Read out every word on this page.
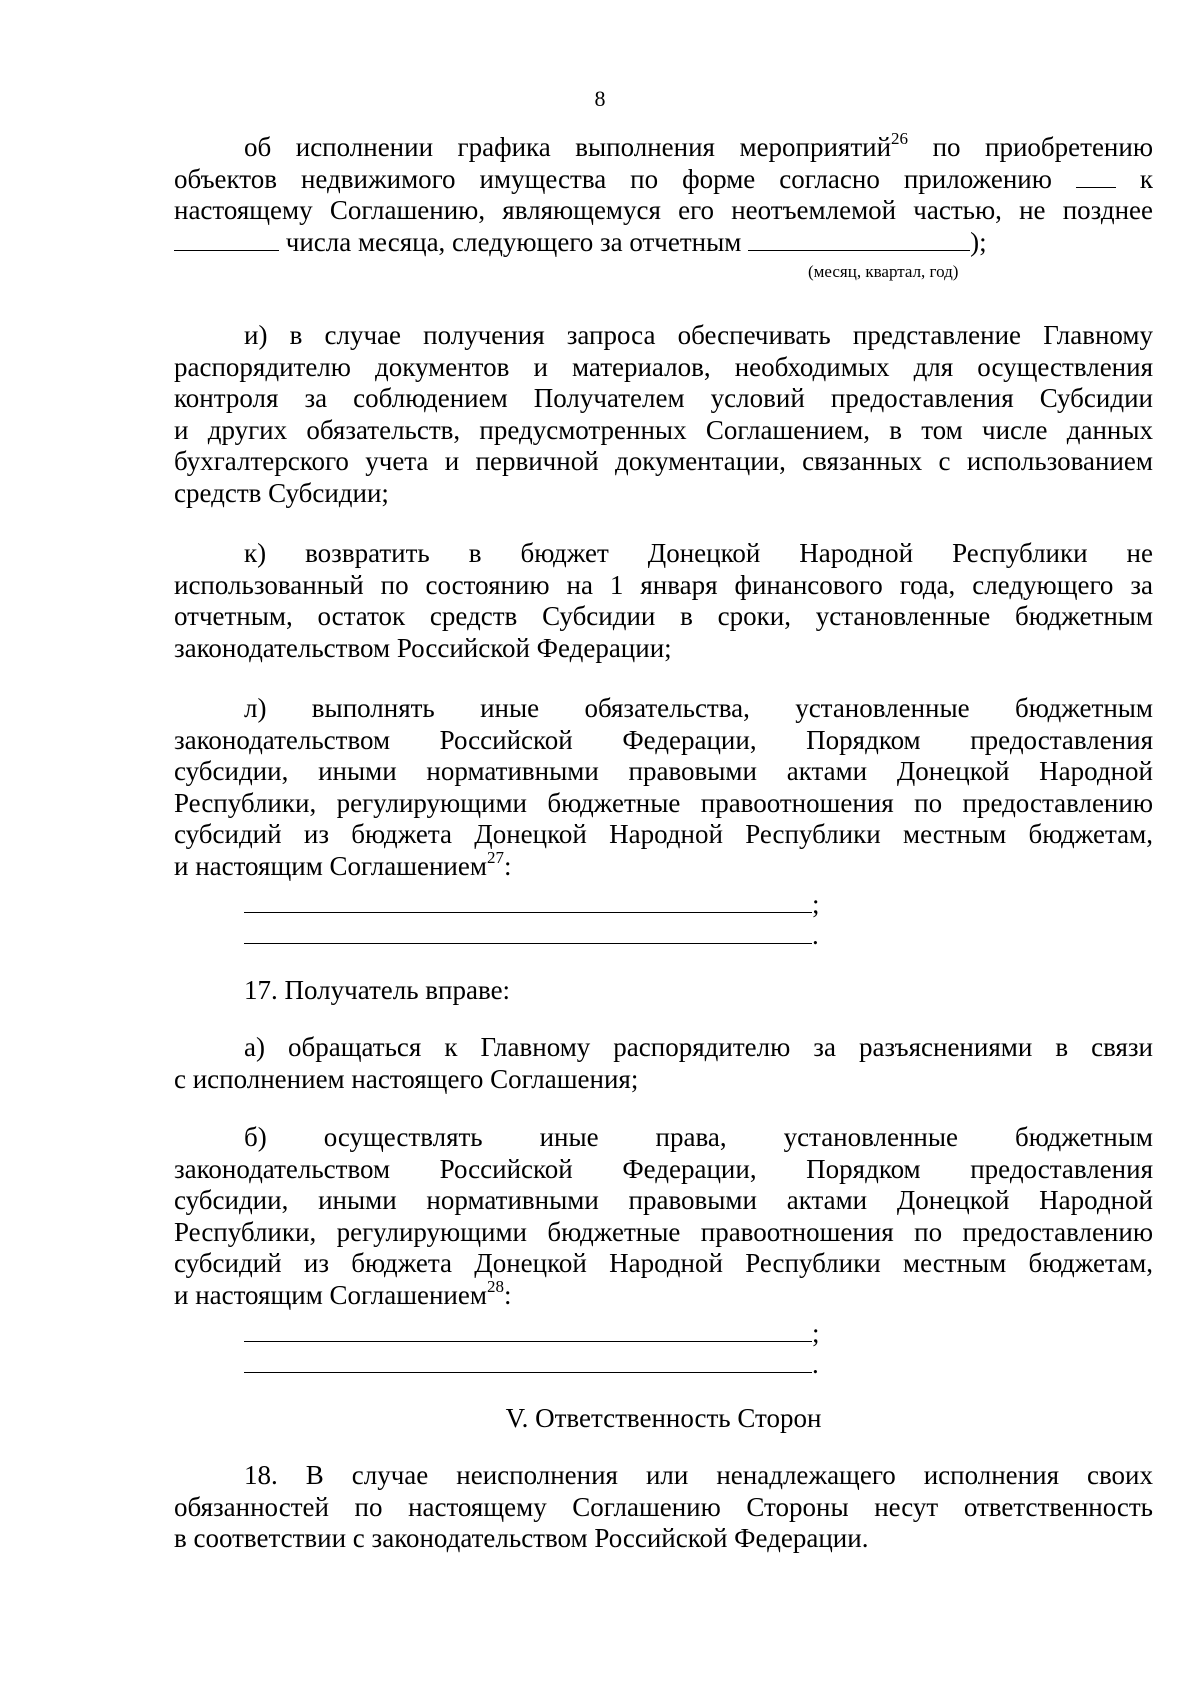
8
об исполнении графика выполнения мероприятий$^{26}$ по приобретению
объектов недвижимого имущества по форме согласно приложению	к
настоящему Соглашению, являющемуся его неотъемлемой частью, не позднее
числа месяца, следующего за отчетным	);
(месяц, квартал, год)
и) в случае получения запроса обеспечивать представление Главному
распорядителю документов и материалов, необходимых для осуществления
контроля за соблюдением Получателем условий предоставления Субсидии
и других обязательств, предусмотренных Соглашением, в том числе данных
бухгалтерского учета и первичной документации, связанных с использованием
средств Субсидии;
к) возвратить в бюджет Донецкой Народной Республики не
использованный по состоянию на 1 января финансового года, следующего за
отчетным, остаток средств Субсидии в сроки, установленные бюджетным
законодательством Российской Федерации;
л) выполнять иные обязательства, установленные бюджетным
законодательством Российской Федерации, Порядком предоставления
субсидии, иными нормативными правовыми актами Донецкой Народной
Республики, регулирующими бюджетные правоотношения по предоставлению
субсидий из бюджета Донецкой Народной Республики местным бюджетам,
и настоящим Соглашением$^{27}$:
;
.
17. Получатель вправе:
а) обращаться к Главному распорядителю за разъяснениями в связи
с исполнением настоящего Соглашения;
б) осуществлять иные права, установленные бюджетным
законодательством Российской Федерации, Порядком предоставления
субсидии, иными нормативными правовыми актами Донецкой Народной
Республики, регулирующими бюджетные правоотношения по предоставлению
субсидий из бюджета Донецкой Народной Республики местным бюджетам,
и настоящим Соглашением$^{28}$:
;
.
V. Ответственность Сторон
18. В случае неисполнения или ненадлежащего исполнения своих
обязанностей по настоящему Соглашению Стороны несут ответственность
в соответствии с законодательством Российской Федерации.
